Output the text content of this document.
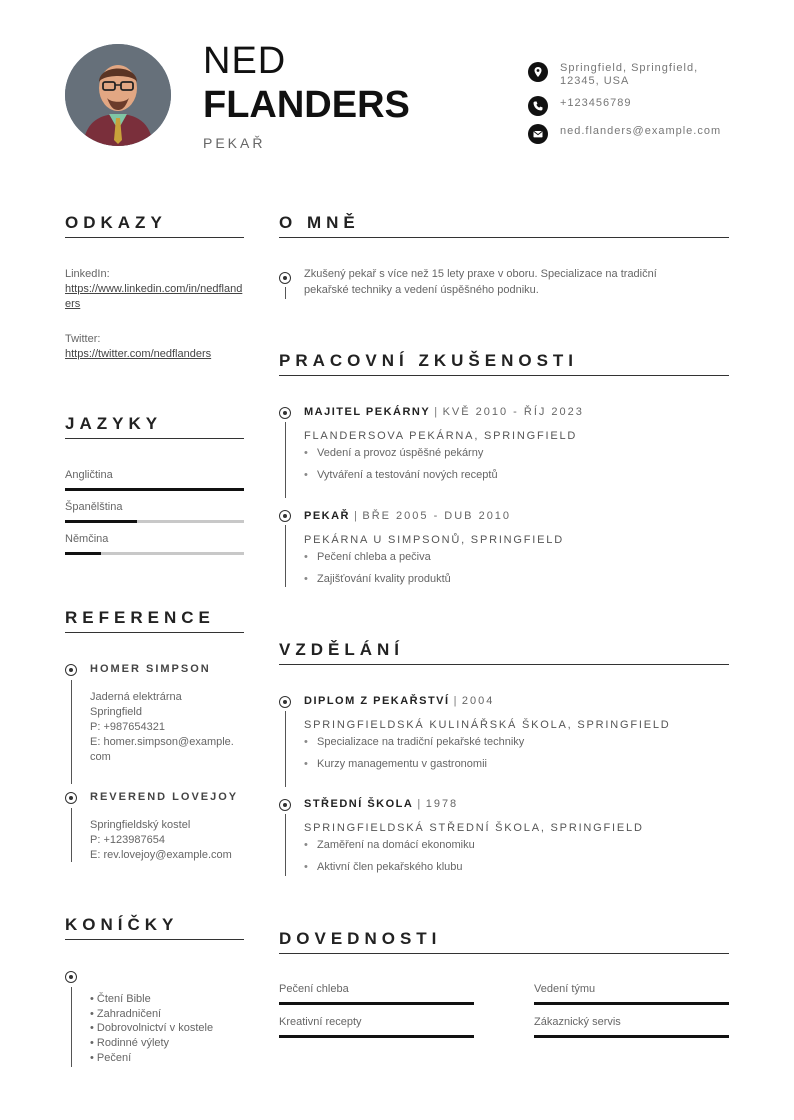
NED
FLANDERS
PEKAŘ
Springfield, Springfield, 12345, USA
+123456789
ned.flanders@example.com
ODKAZY
LinkedIn:
https://www.linkedin.com/in/nedflanders
Twitter:
https://twitter.com/nedflanders
JAZYKY
Angličtina
Španělština
Němčina
REFERENCE
HOMER SIMPSON
Jaderná elektrárna
Springfield
P: +987654321
E: homer.simpson@example.
com
REVEREND LOVEJOY
Springfieldský kostel
P: +123987654
E: rev.lovejoy@example.com
KONÍČKY
• Čtení Bible
• Zahradničení
• Dobrovolnictví v kostele
• Rodinné výlety
• Pečení
O MNĚ
Zkušený pekař s více než 15 lety praxe v oboru. Specializace na tradiční
pekařské techniky a vedení úspěšného podniku.
PRACOVNÍ ZKUŠENOSTI
MAJITEL PEKÁRNY | KVĚ 2010 - ŘÍJ 2023
FLANDERSOVA PEKÁRNA, SPRINGFIELD
• Vedení a provoz úspěšné pekárny
• Vytváření a testování nových receptů
PEKAŘ | BŘE 2005 - DUB 2010
PEKÁRNA U SIMPSONŮ, SPRINGFIELD
• Pečení chleba a pečiva
• Zajišťování kvality produktů
VZDĚLÁNÍ
DIPLOM Z PEKAŘSTVÍ | 2004
SPRINGFIELDSKÁ KULINÁŘSKÁ ŠKOLA, SPRINGFIELD
• Specializace na tradiční pekařské techniky
• Kurzy managementu v gastronomii
STŘEDNÍ ŠKOLA | 1978
SPRINGFIELDSKÁ STŘEDNÍ ŠKOLA, SPRINGFIELD
• Zaměření na domácí ekonomiku
• Aktivní člen pekařského klubu
DOVEDNOSTI
Pečení chleba	Vedení týmu
Kreativní recepty	Zákaznický servis
